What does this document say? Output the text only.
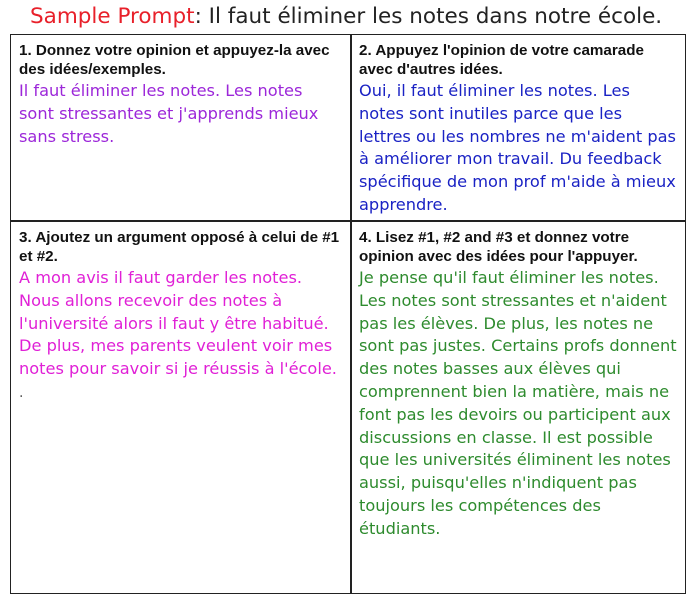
Sample Prompt: Il faut éliminer les notes dans notre école.
1. Donnez votre opinion et appuyez-la avec des idées/exemples.
Il faut éliminer les notes. Les notes sont stressantes et j'apprends mieux sans stress.
2. Appuyez l'opinion de votre camarade avec d'autres idées.
Oui, il faut éliminer les notes. Les notes sont inutiles parce que les lettres ou les nombres ne m'aident pas à améliorer mon travail. Du feedback spécifique de mon prof m'aide à mieux apprendre.
3. Ajoutez un argument opposé à celui de #1 et #2.
A mon avis il faut garder les notes. Nous allons recevoir des notes à l'université alors il faut y être habitué. De plus, mes parents veulent voir mes notes pour savoir si je réussis à l'école.
.
4. Lisez #1, #2 and #3 et donnez votre opinion avec des idées pour l'appuyer.
Je pense qu'il faut éliminer les notes. Les notes sont stressantes et n'aident pas les élèves. De plus, les notes ne sont pas justes. Certains profs donnent des notes basses aux élèves qui comprennent bien la matière, mais ne font pas les devoirs ou participent aux discussions en classe. Il est possible que les universités éliminent les notes aussi, puisqu'elles n'indiquent pas toujours les compétences des étudiants.
